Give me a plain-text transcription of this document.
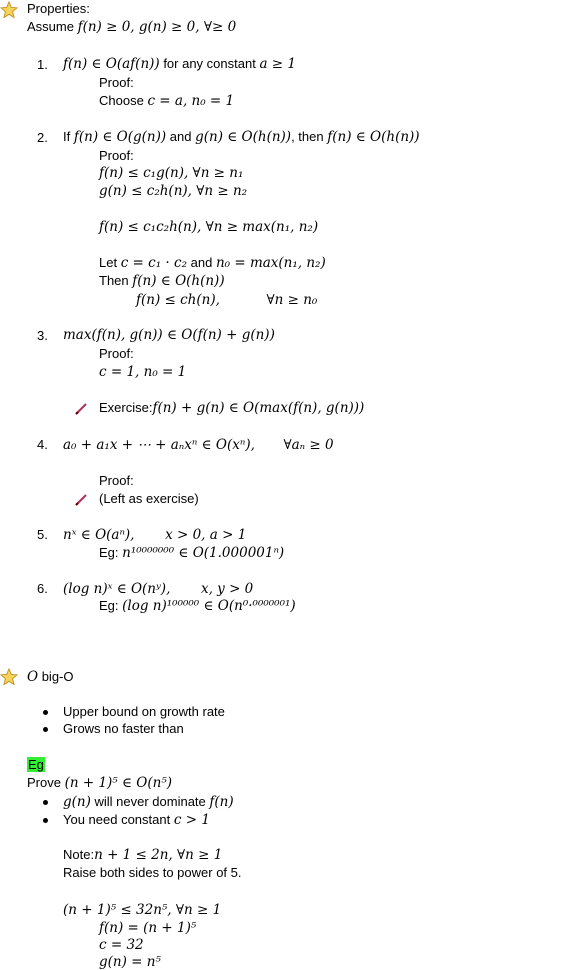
Properties:
Assume f(n) ≥ 0, g(n) ≥ 0, ∀≥ 0
1. f(n) ∈ O(af(n)) for any constant a ≥ 1
Proof:
Choose c = a, n₀ = 1
2. If f(n) ∈ O(g(n)) and g(n) ∈ O(h(n)), then f(n) ∈ O(h(n))
Proof:
f(n) ≤ c₁g(n), ∀n ≥ n₁
g(n) ≤ c₂h(n), ∀n ≥ n₂
f(n) ≤ c₁c₂h(n), ∀n ≥ max(n₁, n₂)
Let c = c₁ · c₂ and n₀ = max(n₁, n₂)
Then f(n) ∈ O(h(n))
f(n) ≤ ch(n),	∀n ≥ n₀
3. max(f(n), g(n)) ∈ O(f(n) + g(n))
Proof:
c = 1, n₀ = 1
Exercise:f(n) + g(n) ∈ O(max(f(n), g(n)))
4. a₀ + a₁x + ⋯ + aₙxⁿ ∈ O(xⁿ), ∀aₙ ≥ 0
Proof:
(Left as exercise)
5. nˣ ∈ O(aⁿ), x > 0, a > 1
Eg: n¹⁰⁰⁰⁰⁰⁰⁰ ∈ O(1.000001ⁿ)
6. (log n)ˣ ∈ O(nʸ), x, y > 0
Eg: (log n)¹⁰⁰⁰⁰⁰ ∈ O(n⁰·⁰⁰⁰⁰⁰⁰¹)
O big-O
Upper bound on growth rate
Grows no faster than
Eg
Prove (n + 1)⁵ ∈ O(n⁵)
g(n) will never dominate f(n)
You need constant c > 1
Note:n + 1 ≤ 2n, ∀n ≥ 1
Raise both sides to power of 5.
(n + 1)⁵ ≤ 32n⁵, ∀n ≥ 1
f(n) = (n + 1)⁵
c = 32
g(n) = n⁵
